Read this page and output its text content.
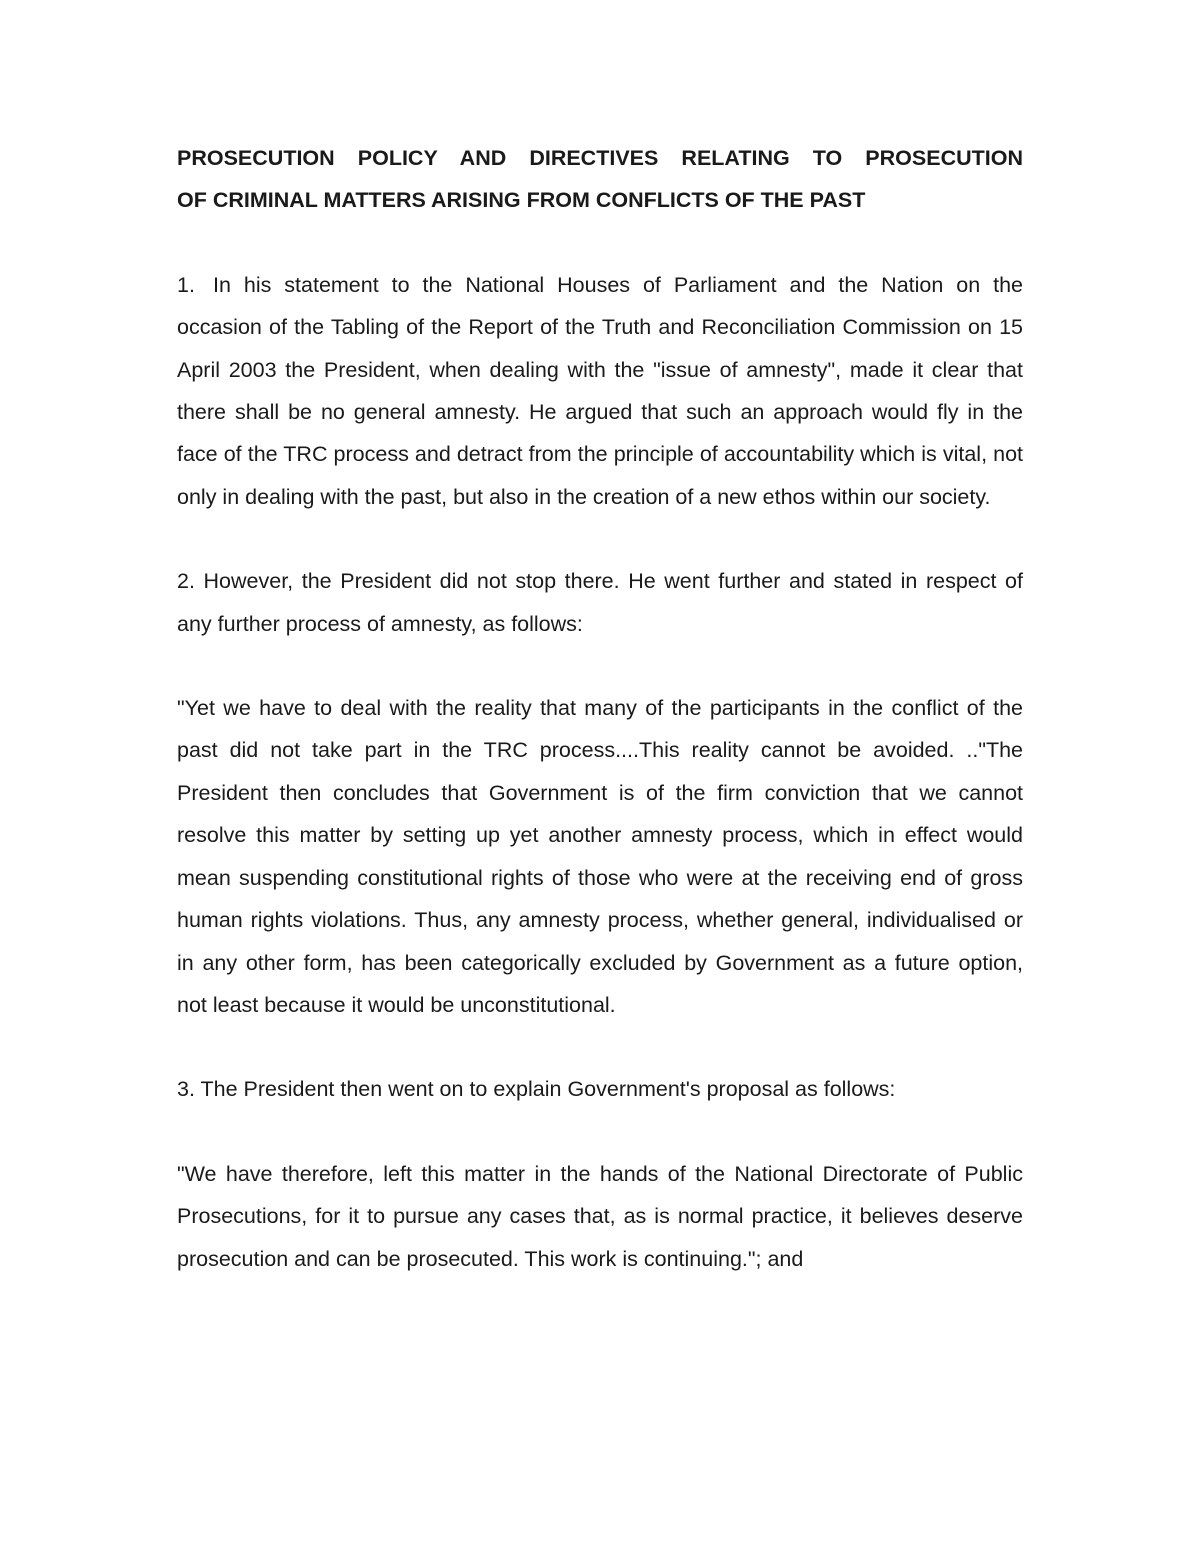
PROSECUTION POLICY AND DIRECTIVES RELATING TO PROSECUTION
OF CRIMINAL MATTERS ARISING FROM CONFLICTS OF THE PAST

1. In his statement to the National Houses of Parliament and the Nation on the occasion of the Tabling of the Report of the Truth and Reconciliation Commission on 15 April 2003 the President, when dealing with the "issue of amnesty", made it clear that there shall be no general amnesty. He argued that such an approach would fly in the face of the TRC process and detract from the principle of accountability which is vital, not only in dealing with the past, but also in the creation of a new ethos within our society.

2. However, the President did not stop there. He went further and stated in respect of any further process of amnesty, as follows:

"Yet we have to deal with the reality that many of the participants in the conflict of the past did not take part in the TRC process....This reality cannot be avoided. .."The President then concludes that Government is of the firm conviction that we cannot resolve this matter by setting up yet another amnesty process, which in effect would mean suspending constitutional rights of those who were at the receiving end of gross human rights violations. Thus, any amnesty process, whether general, individualised or in any other form, has been categorically excluded by Government as a future option, not least because it would be unconstitutional.

3. The President then went on to explain Government's proposal as follows:

"We have therefore, left this matter in the hands of the National Directorate of Public Prosecutions, for it to pursue any cases that, as is normal practice, it believes deserve prosecution and can be prosecuted. This work is continuing."; and
